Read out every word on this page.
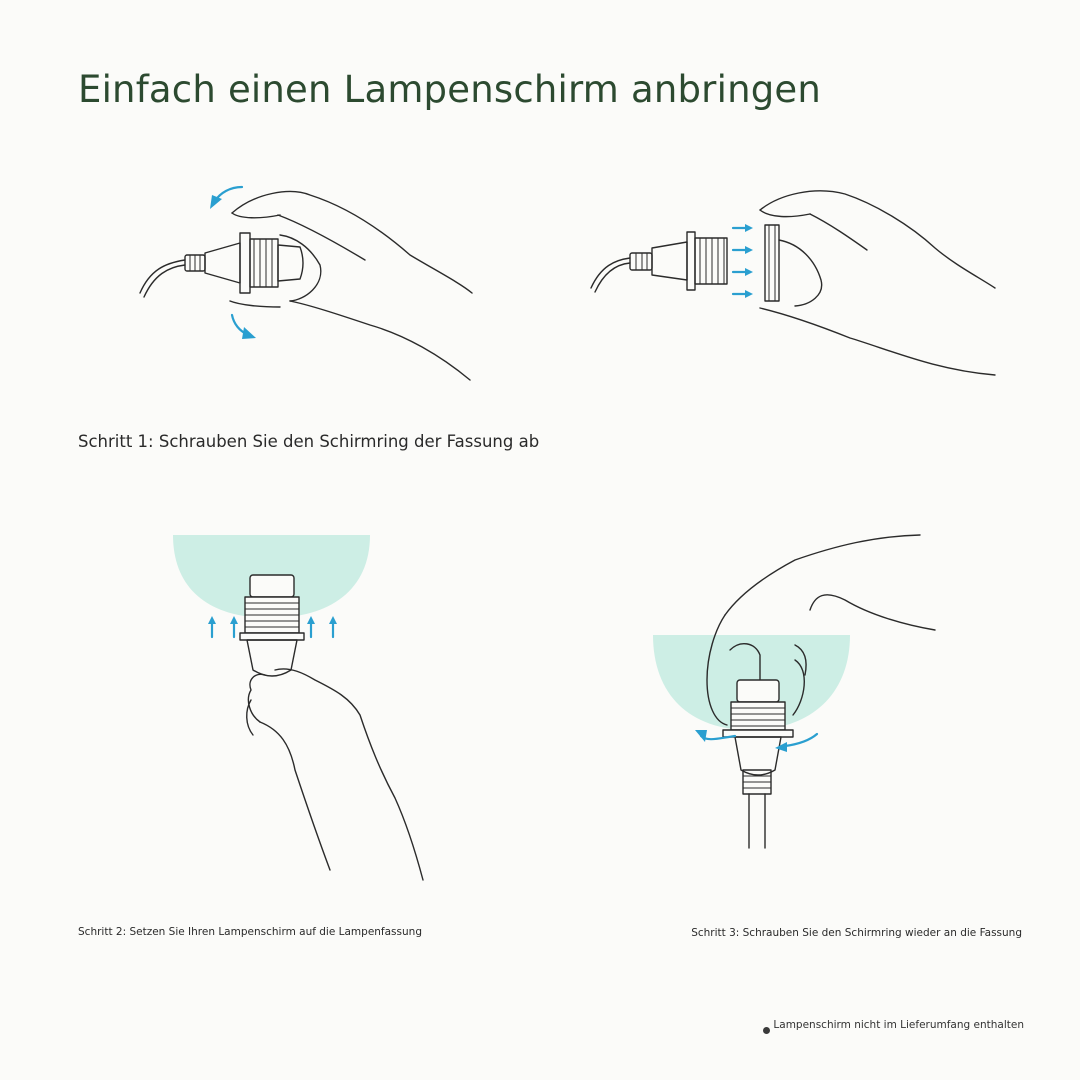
Einfach einen Lampenschirm anbringen
Schritt 1: Schrauben Sie den Schirmring der Fassung ab
Schritt 2: Setzen Sie Ihren Lampenschirm auf die Lampenfassung	Schritt 3: Schrauben Sie den Schirmring wieder an die Fassung
Lampenschirm nicht im Lieferumfang enthalten
